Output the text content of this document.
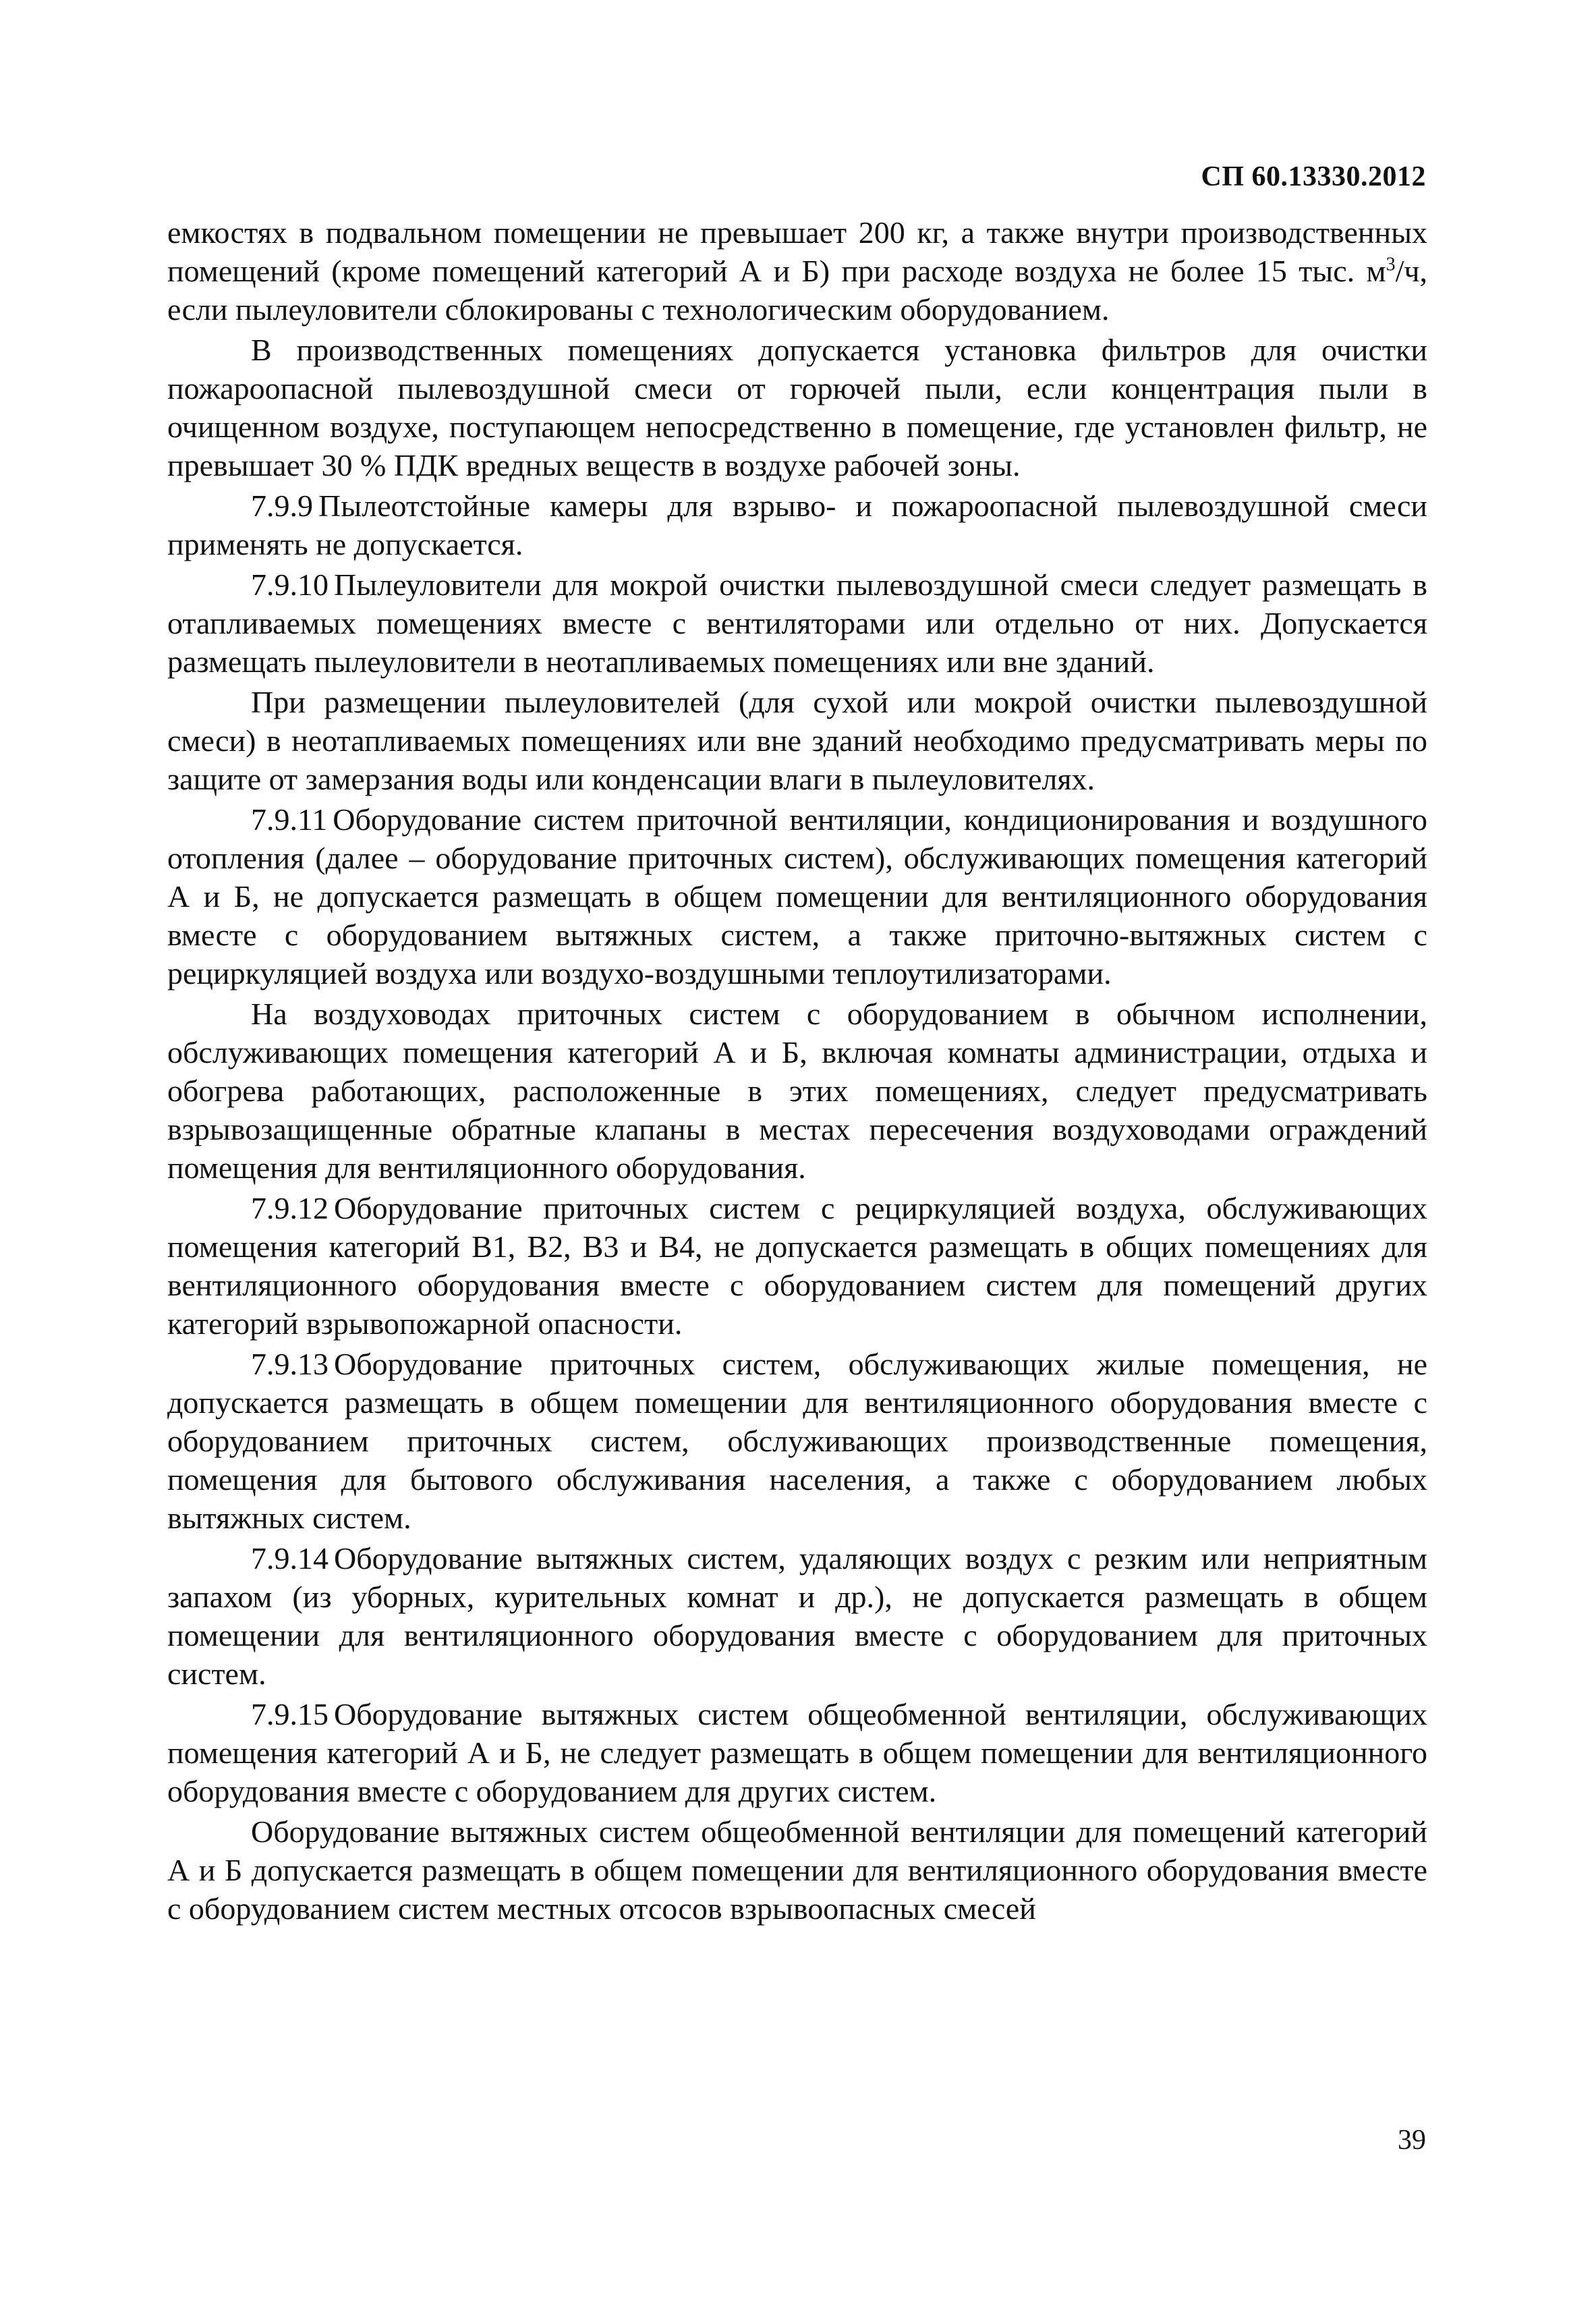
СП 60.13330.2012

емкостях в подвальном помещении не превышает 200 кг, а также внутри производственных помещений (кроме помещений категорий А и Б) при расходе воздуха не более 15 тыс. $м^3/ч$, если пылеуловители сблокированы с технологическим оборудованием.

В производственных помещениях допускается установка фильтров для очистки пожароопасной пылевоздушной смеси от горючей пыли, если концентрация пыли в очищенном воздухе, поступающем непосредственно в помещение, где установлен фильтр, не превышает 30 % ПДК вредных веществ в воздухе рабочей зоны.

7.9.9 Пылеотстойные камеры для взрыво- и пожароопасной пылевоздушной смеси применять не допускается.

7.9.10 Пылеуловители для мокрой очистки пылевоздушной смеси следует размещать в отапливаемых помещениях вместе с вентиляторами или отдельно от них. Допускается размещать пылеуловители в неотапливаемых помещениях или вне зданий.

При размещении пылеуловителей (для сухой или мокрой очистки пылевоздушной смеси) в неотапливаемых помещениях или вне зданий необходимо предусматривать меры по защите от замерзания воды или конденсации влаги в пылеуловителях.

7.9.11 Оборудование систем приточной вентиляции, кондиционирования и воздушного отопления (далее – оборудование приточных систем), обслуживающих помещения категорий А и Б, не допускается размещать в общем помещении для вентиляционного оборудования вместе с оборудованием вытяжных систем, а также приточно-вытяжных систем с рециркуляцией воздуха или воздухо-воздушными теплоутилизаторами.

На воздуховодах приточных систем с оборудованием в обычном исполнении, обслуживающих помещения категорий А и Б, включая комнаты администрации, отдыха и обогрева работающих, расположенные в этих помещениях, следует предусматривать взрывозащищенные обратные клапаны в местах пересечения воздуховодами ограждений помещения для вентиляционного оборудования.

7.9.12 Оборудование приточных систем с рециркуляцией воздуха, обслуживающих помещения категорий В1, В2, В3 и В4, не допускается размещать в общих помещениях для вентиляционного оборудования вместе с оборудованием систем для помещений других категорий взрывопожарной опасности.

7.9.13 Оборудование приточных систем, обслуживающих жилые помещения, не допускается размещать в общем помещении для вентиляционного оборудования вместе с оборудованием приточных систем, обслуживающих производственные помещения, помещения для бытового обслуживания населения, а также с оборудованием любых вытяжных систем.

7.9.14 Оборудование вытяжных систем, удаляющих воздух с резким или неприятным запахом (из уборных, курительных комнат и др.), не допускается размещать в общем помещении для вентиляционного оборудования вместе с оборудованием для приточных систем.

7.9.15 Оборудование вытяжных систем общеобменной вентиляции, обслуживающих помещения категорий А и Б, не следует размещать в общем помещении для вентиляционного оборудования вместе с оборудованием для других систем.

Оборудование вытяжных систем общеобменной вентиляции для помещений категорий А и Б допускается размещать в общем помещении для вентиляционного оборудования вместе с оборудованием систем местных отсосов взрывоопасных смесей

39
